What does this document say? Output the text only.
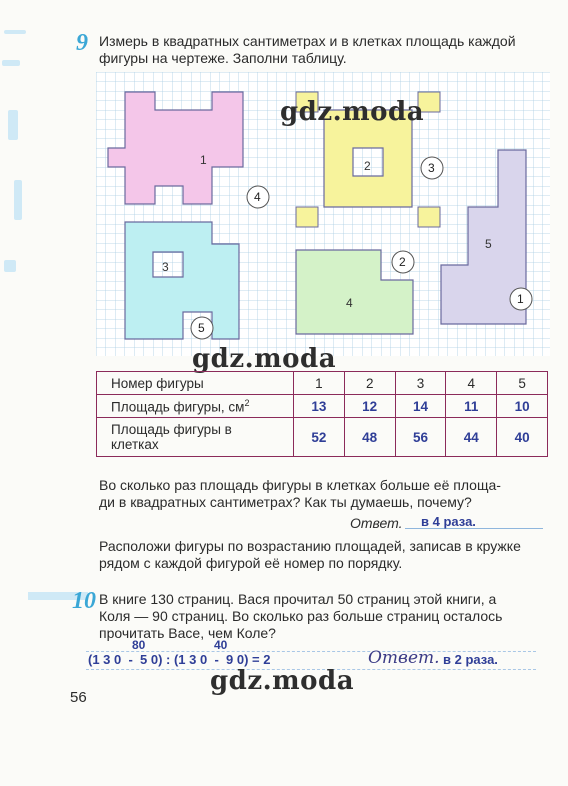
9 Измерь в квадратных сантиметрах и в клетках площадь каждой
фигуры на чертеже. Заполни таблицу.
1	2
3
4
5
4
3
2
5
1
gdz.moda
gdz.moda
Номер фигуры	1	2	3	4	5
Площадь фигуры, $см^2$	13	12	14	11	10
Площадь фигуры в
клетках	52	48	56	44	40
Во сколько раз площадь фигуры в клетках больше её площа-
ди в квадратных сантиметрах? Как ты думаешь, почему?
Ответ. в 4 раза.
Расположи фигуры по возрастанию площадей, записав в кружке
рядом с каждой фигурой её номер по порядку.
10 В книге 130 страниц. Вася прочитал 50 страниц этой книги, а
Коля — 90 страниц. Во сколько раз больше страниц осталось
прочитать Васе, чем Коле?
80	40
(1 3 0  -  5 0) : (1 3 0  -  9 0) = 2	Ответ. в 2 раза.
gdz.moda
56
